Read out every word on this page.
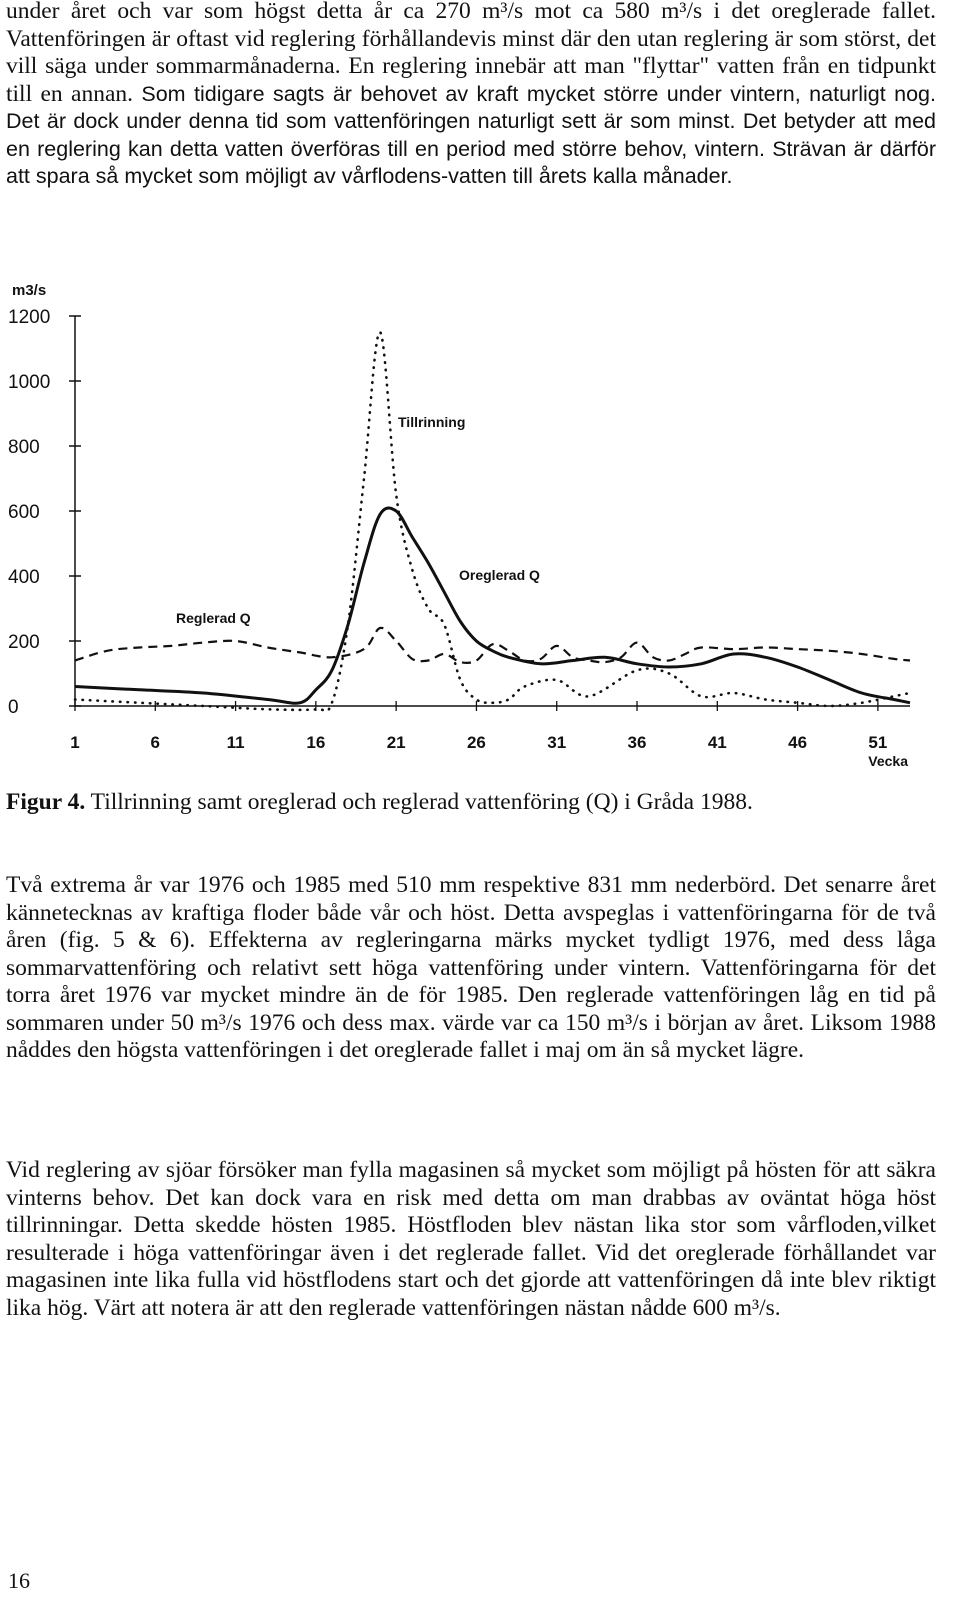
under året och var som högst detta år ca 270 m³/s mot ca 580 m³/s i det oreglerade fallet. Vattenföringen är oftast vid reglering förhållandevis minst där den utan reglering är som störst, det vill säga under sommarmånaderna. En reglering innebär att man "flyttar" vatten från en tidpunkt till en annan. Som tidigare sagts är behovet av kraft mycket större under vintern, naturligt nog. Det är dock under denna tid som vattenföringen naturligt sett är som minst. Det betyder att med en reglering kan detta vatten överföras till en period med större behov, vintern. Strävan är därför att spara så mycket som möjligt av vårflodens-vatten till årets kalla månader.

0
200
400
600
800
1000
1200
1	6	11	16	21	26	31	36	41	46	51
m3/s
Vecka
Tillrinning
Oreglerad Q
Reglerad Q
Figur 4. Tillrinning samt oreglerad och reglerad vattenföring (Q) i Gråda 1988.

Två extrema år var 1976 och 1985 med 510 mm respektive 831 mm nederbörd. Det senarre året kännetecknas av kraftiga floder både vår och höst. Detta avspeglas i vattenföringarna för de två åren (fig. 5 & 6). Effekterna av regleringarna märks mycket tydligt 1976, med dess låga sommarvattenföring och relativt sett höga vattenföring under vintern. Vattenföringarna för det torra året 1976 var mycket mindre än de för 1985. Den reglerade vattenföringen låg en tid på sommaren under 50 m³/s 1976 och dess max. värde var ca 150 m³/s i början av året. Liksom 1988 nåddes den högsta vattenföringen i det oreglerade fallet i maj om än så mycket lägre.

Vid reglering av sjöar försöker man fylla magasinen så mycket som möjligt på hösten för att säkra vinterns behov. Det kan dock vara en risk med detta om man drabbas av oväntat höga höst tillrinningar. Detta skedde hösten 1985. Höstfloden blev nästan lika stor som vårfloden,vilket resulterade i höga vattenföringar även i det reglerade fallet. Vid det oreglerade förhållandet var magasinen inte lika fulla vid höstflodens start och det gjorde att vattenföringen då inte blev riktigt lika hög. Värt att notera är att den reglerade vattenföringen nästan nådde 600 m³/s.

16
